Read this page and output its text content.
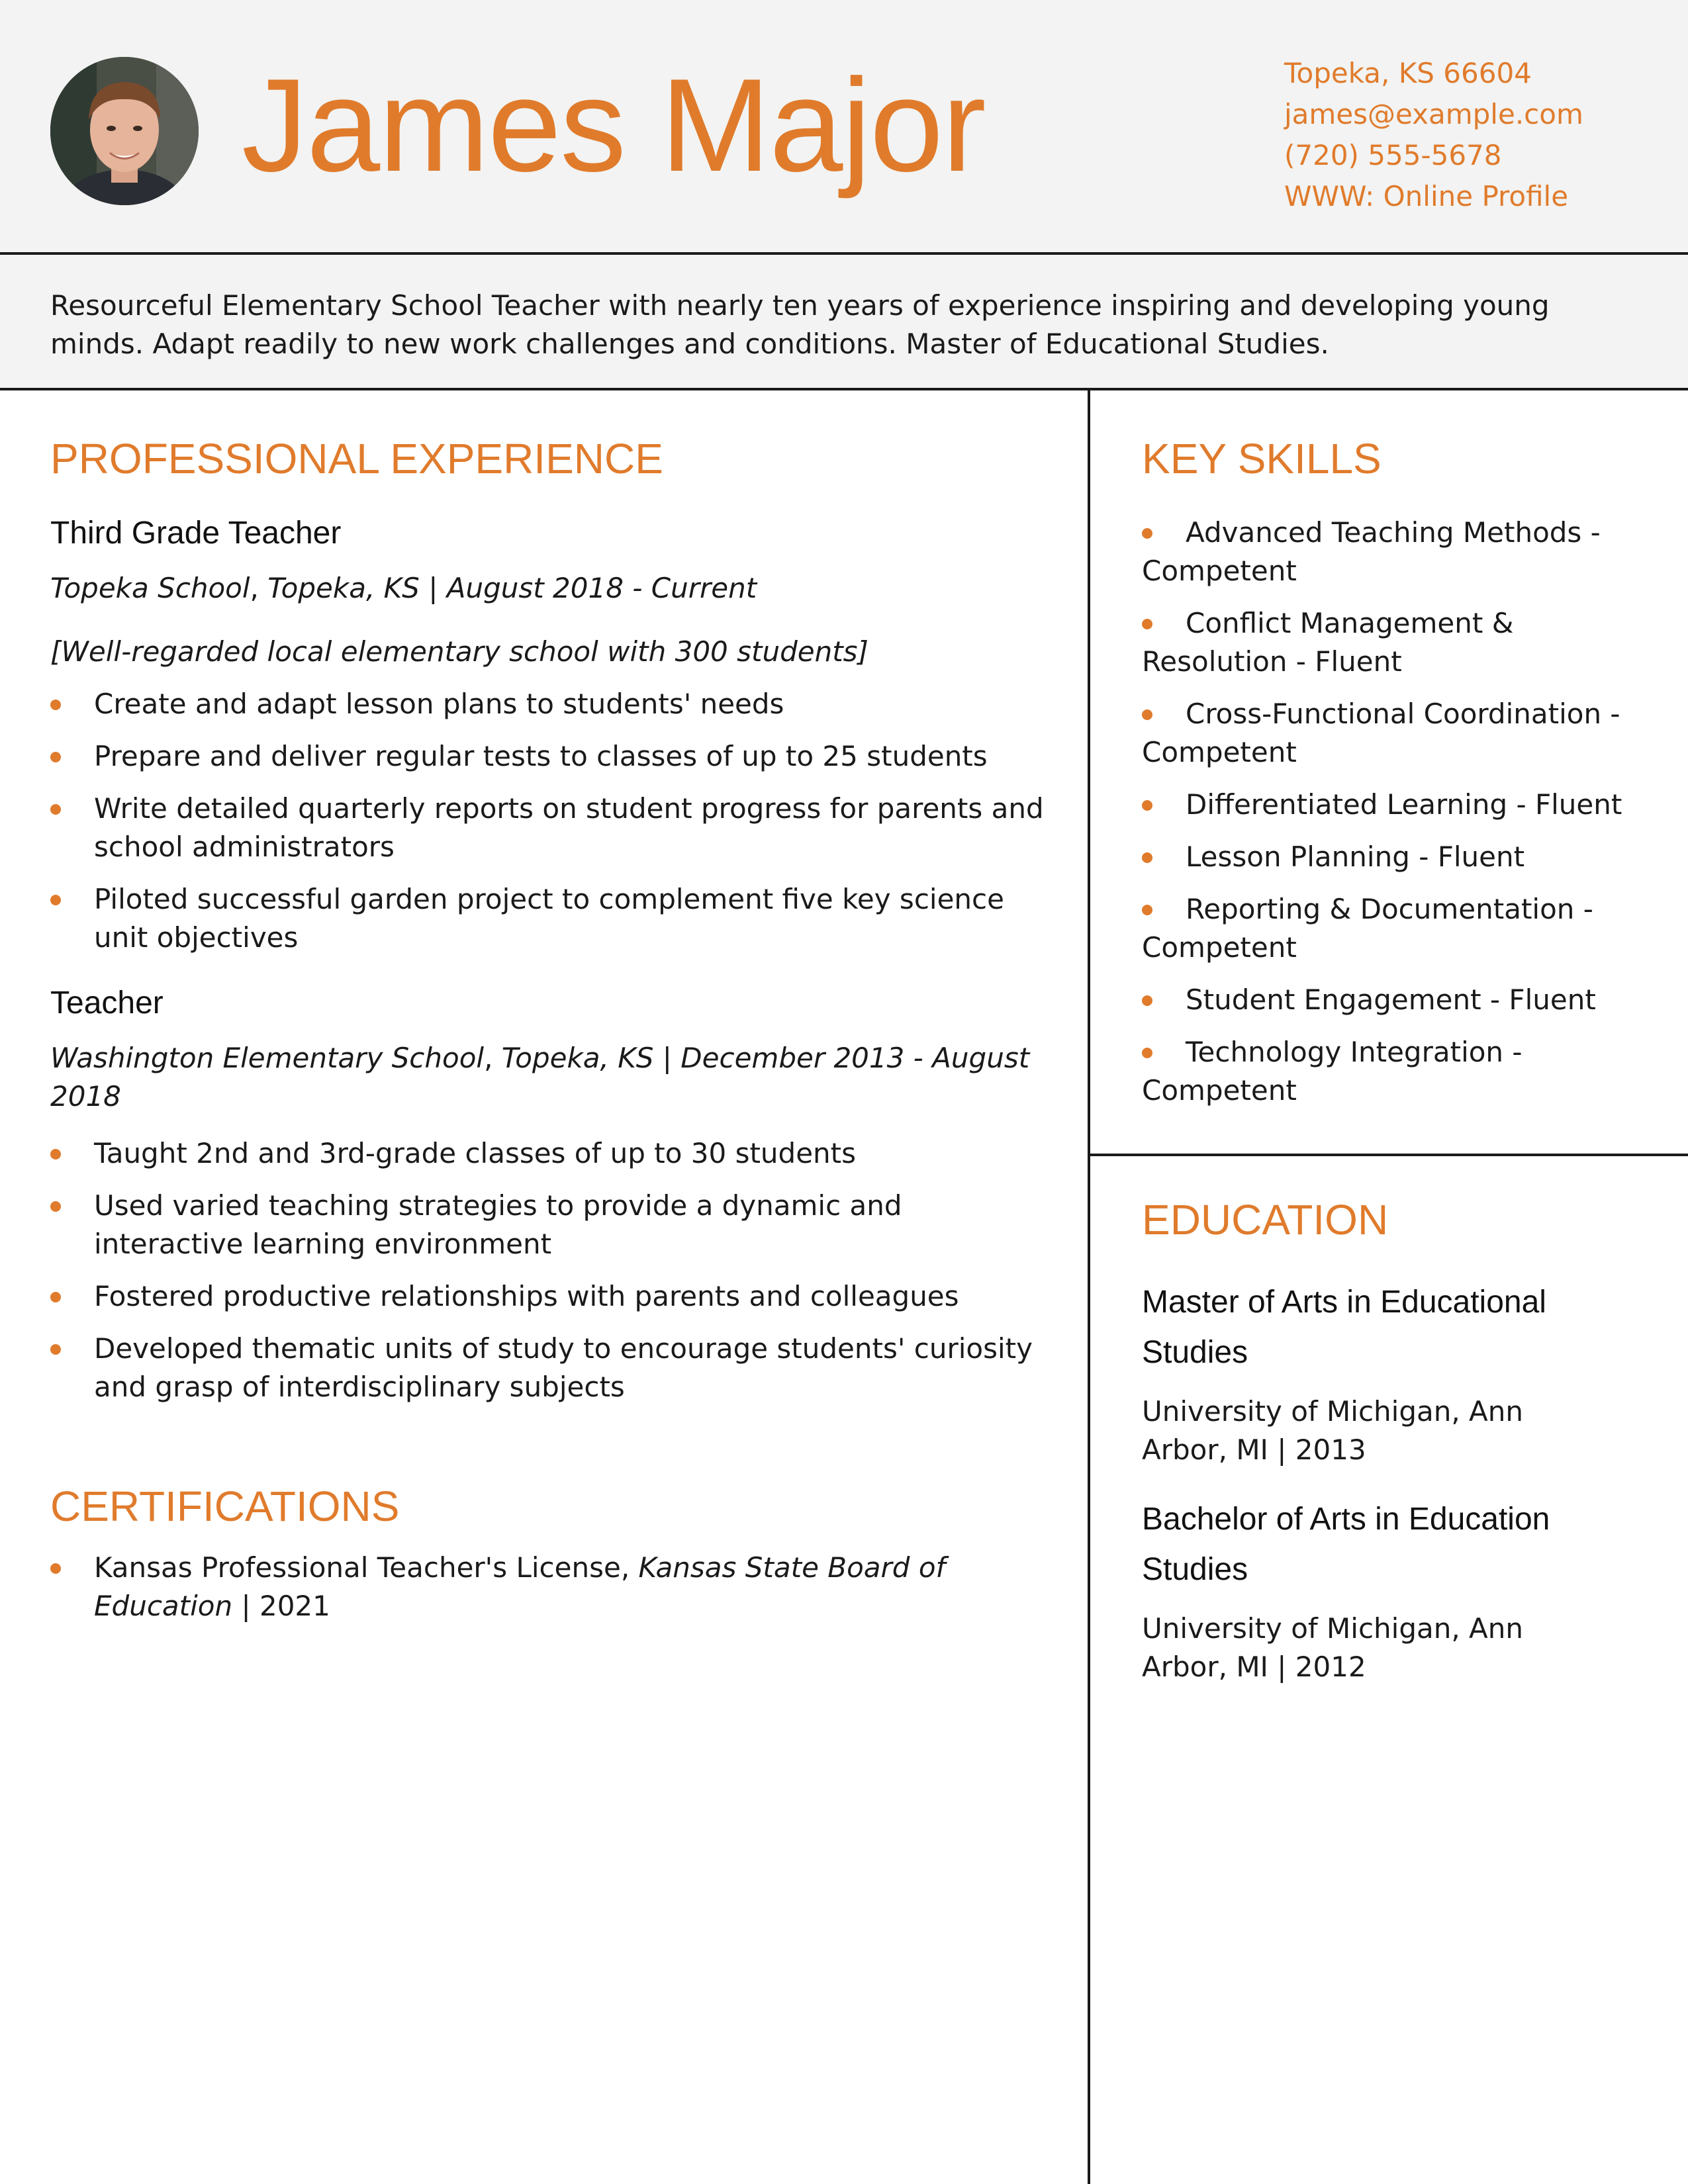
James Major	Topeka, KS 66604
james@example.com
(720) 555-5678
WWW: Online Profile

Resourceful Elementary School Teacher with nearly ten years of experience inspiring and developing young minds. Adapt readily to new work challenges and conditions. Master of Educational Studies.

PROFESSIONAL EXPERIENCE
Third Grade Teacher
Topeka School, Topeka, KS | August 2018 - Current
[Well-regarded local elementary school with 300 students]
Create and adapt lesson plans to students' needs
Prepare and deliver regular tests to classes of up to 25 students
Write detailed quarterly reports on student progress for parents and school administrators
Piloted successful garden project to complement five key science unit objectives
Teacher
Washington Elementary School, Topeka, KS | December 2013 - August 2018
Taught 2nd and 3rd-grade classes of up to 30 students
Used varied teaching strategies to provide a dynamic and interactive learning environment
Fostered productive relationships with parents and colleagues
Developed thematic units of study to encourage students' curiosity and grasp of interdisciplinary subjects
CERTIFICATIONS
Kansas Professional Teacher's License, Kansas State Board of Education | 2021
KEY SKILLS
Advanced Teaching Methods - Competent
Conflict Management & Resolution - Fluent
Cross-Functional Coordination - Competent
Differentiated Learning - Fluent
Lesson Planning - Fluent
Reporting & Documentation - Competent
Student Engagement - Fluent
Technology Integration - Competent
EDUCATION
Master of Arts in Educational Studies
University of Michigan, Ann Arbor, MI | 2013
Bachelor of Arts in Education Studies
University of Michigan, Ann Arbor, MI | 2012
